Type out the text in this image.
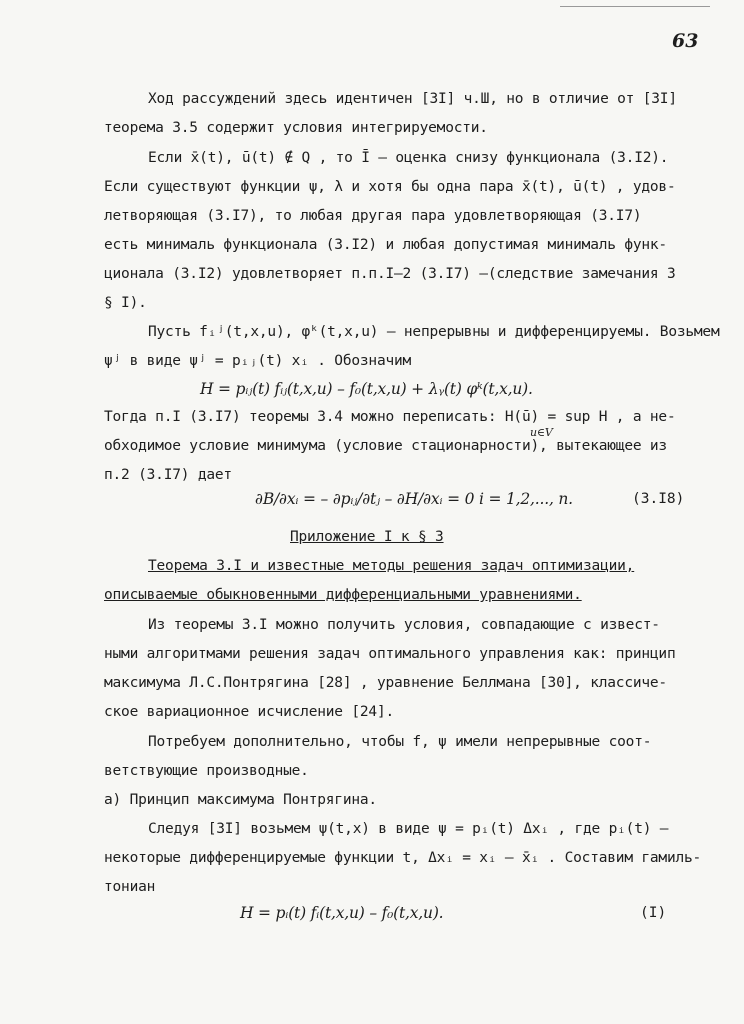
63

Ход рассуждений здесь идентичен [3I] ч.Ш, но в отличие от [3I]

теорема 3.5 содержит условия интегрируемости.

Если x̄(t), ū(t) ∉ Q , то Ī – оценка снизу функционала (3.I2).

Если существуют функции ψ, λ и хотя бы одна пара x̄(t), ū(t) , удов-

летворяющая (3.I7), то любая другая пара удовлетворяющая (3.I7)

есть минималь функционала (3.I2) и любая допустимая минималь функ-

ционала (3.I2) удовлетворяет п.п.I–2 (3.I7) –(следствие замечания 3

§ I).

Пусть fᵢʲ(t,x,u), φᵏ(t,x,u) – непрерывны и дифференцируемы. Возьмем

ψʲ в виде ψʲ = pᵢⱼ(t) xᵢ . Обозначим

H = pᵢⱼ(t) fᵢⱼ(t,x,u) – f₀(t,x,u) + λᵧ(t) φᵏ(t,x,u).

Тогда п.I (3.I7) теоремы 3.4 можно переписать: H(ū) = sup H , а не-

u∈V

обходимое условие минимума (условие стационарности), вытекающее из

п.2 (3.I7) дает

∂B/∂xᵢ = – ∂pᵢⱼ/∂tⱼ – ∂H/∂xᵢ = 0 i = 1,2,..., n.	(3.I8)

Приложение I к § 3

Теорема 3.I и известные методы решения задач оптимизации,

описываемые обыкновенными дифференциальными уравнениями.

Из теоремы 3.I можно получить условия, совпадающие с извест-

ными алгоритмами решения задач оптимального управления как: принцип

максимума Л.С.Понтрягина [28] , уравнение Беллмана [30], классиче-

ское вариационное исчисление [24].

Потребуем дополнительно, чтобы f, ψ имели непрерывные соот-

ветствующие производные.

а) Принцип максимума Понтрягина.

Следуя [3I] возьмем ψ(t,x) в виде ψ = pᵢ(t) Δxᵢ , где pᵢ(t) –

некоторые дифференцируемые функции t, Δxᵢ = xᵢ – x̄ᵢ . Составим гамиль-

тониан

H = pᵢ(t) fᵢ(t,x,u) – f₀(t,x,u).	(I)
